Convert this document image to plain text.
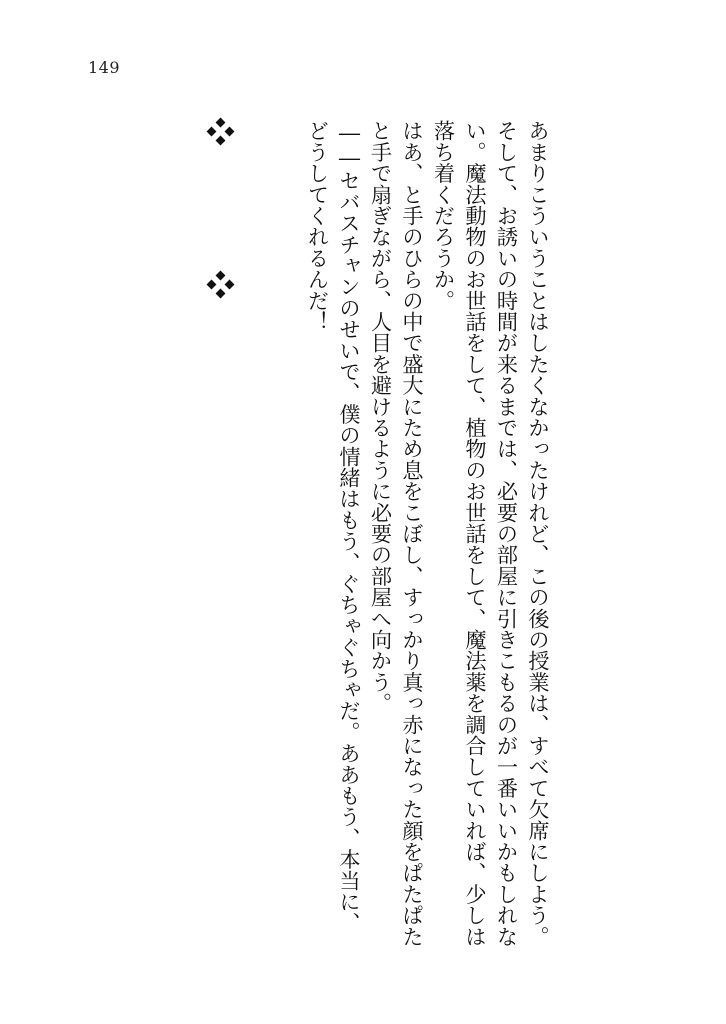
149

あまりこういうことはしたくなかったけれど、この後の授業は、すべて欠席にしよう。そして、お誘いの時間が来るまでは、必要の部屋に引きこもるのが一番いいかもしれない。魔法動物のお世話をして、植物のお世話をして、魔法薬を調合していれば、少しは落ち着くだろうか。

はあ、と手のひらの中で盛大にため息をこぼし、すっかり真っ赤になった顔をぱたぱたと手で扇ぎながら、人目を避けるように必要の部屋へ向かう。

――セバスチャンのせいで、僕の情緒はもう、ぐちゃぐちゃだ。ああもう、本当に、どうしてくれるんだ！
